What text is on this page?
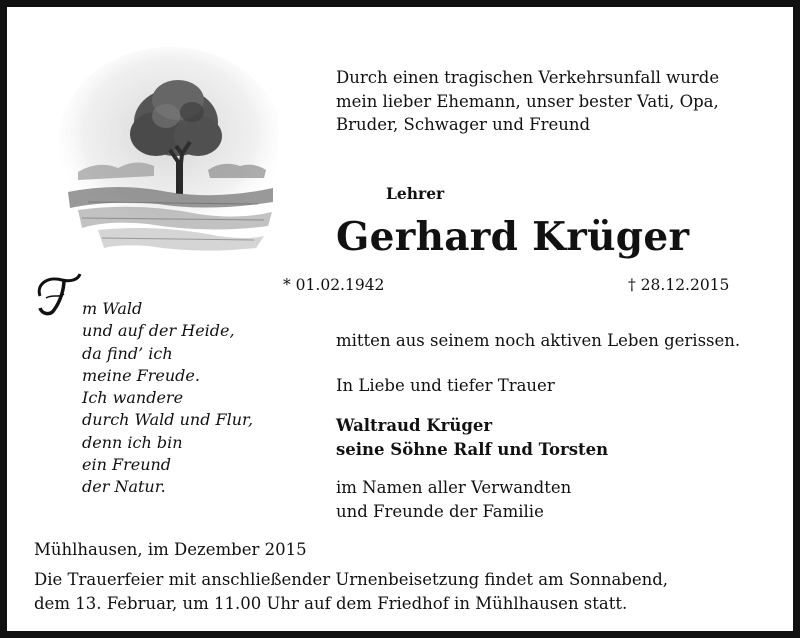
Durch einen tragischen Verkehrsunfall wurde
mein lieber Ehemann, unser bester Vati, Opa,
Bruder, Schwager und Freund
Lehrer
Gerhard Krüger
* 01.02.1942	† 28.12.2015
mitten aus seinem noch aktiven Leben gerissen.
In Liebe und tiefer Trauer
Waltraud Krüger
seine Söhne Ralf und Torsten
im Namen aller Verwandten
und Freunde der Familie
m Wald
und auf der Heide,
da find’ ich
meine Freude.
Ich wandere
durch Wald und Flur,
denn ich bin
ein Freund
der Natur.
Mühlhausen, im Dezember 2015
Die Trauerfeier mit anschließender Urnenbeisetzung findet am Sonnabend,
dem 13. Februar, um 11.00 Uhr auf dem Friedhof in Mühlhausen statt.
